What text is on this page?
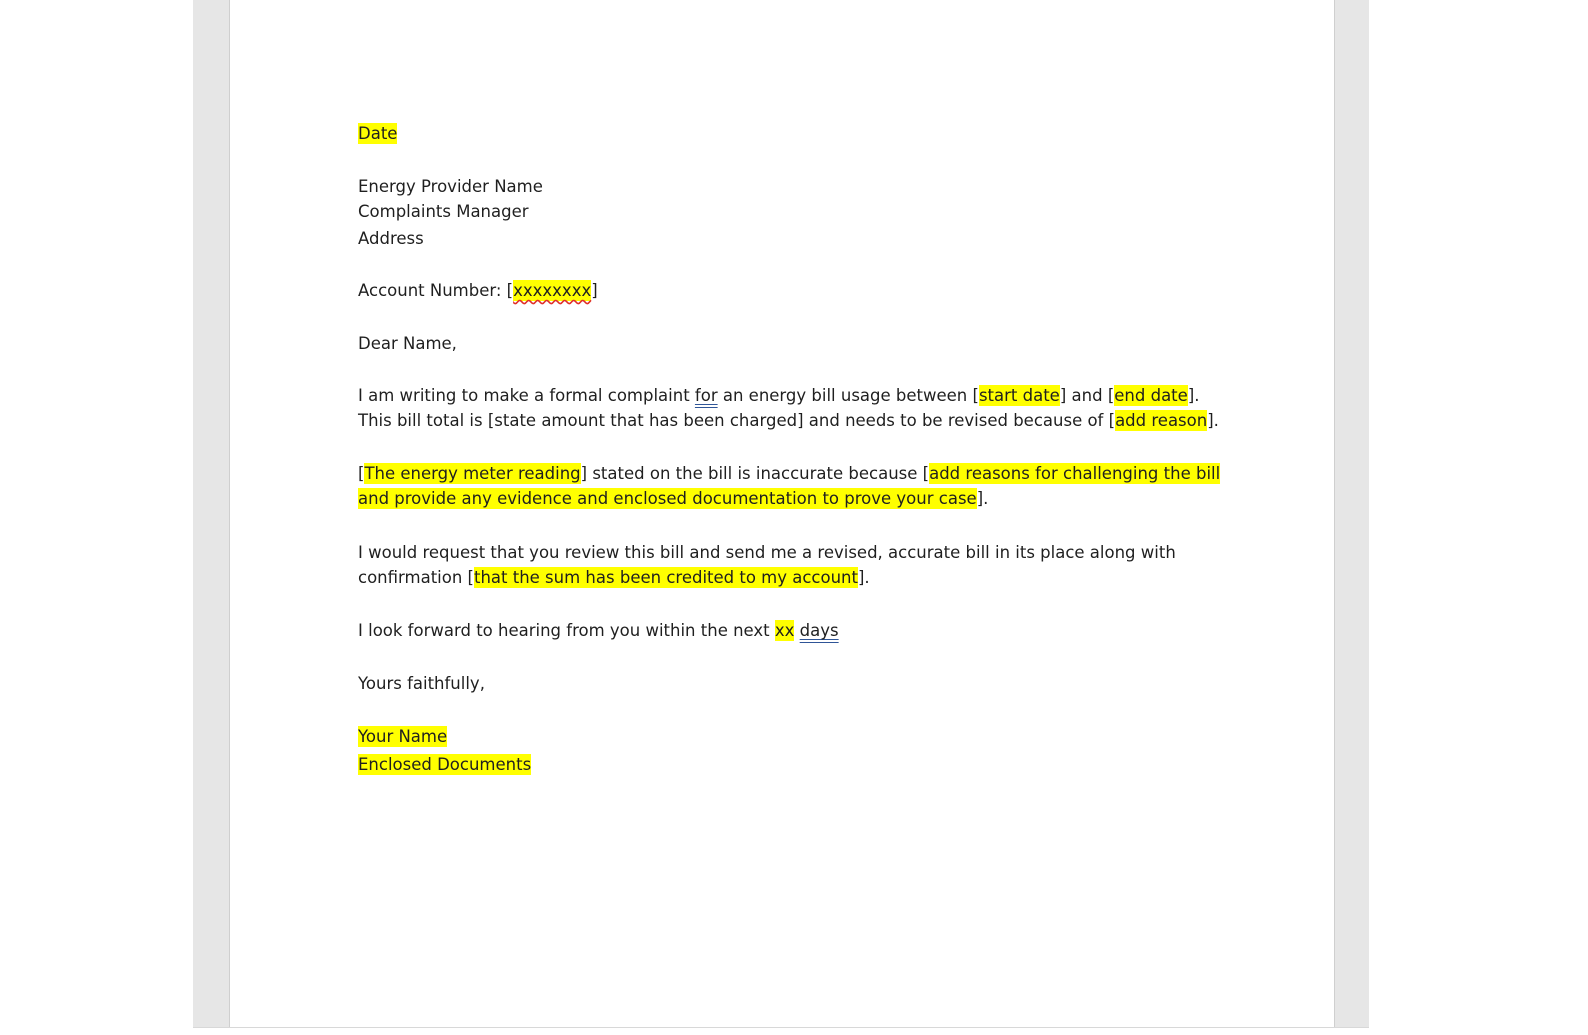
Date
Energy Provider Name
Complaints Manager
Address
Account Number: [xxxxxxxx]
Dear Name,
I am writing to make a formal complaint for an energy bill usage between [start date] and [end date].
This bill total is [state amount that has been charged] and needs to be revised because of [add reason].
[The energy meter reading] stated on the bill is inaccurate because [add reasons for challenging the bill
and provide any evidence and enclosed documentation to prove your case].
I would request that you review this bill and send me a revised, accurate bill in its place along with
confirmation [that the sum has been credited to my account].
I look forward to hearing from you within the next xx days
Yours faithfully,
Your Name
Enclosed Documents
